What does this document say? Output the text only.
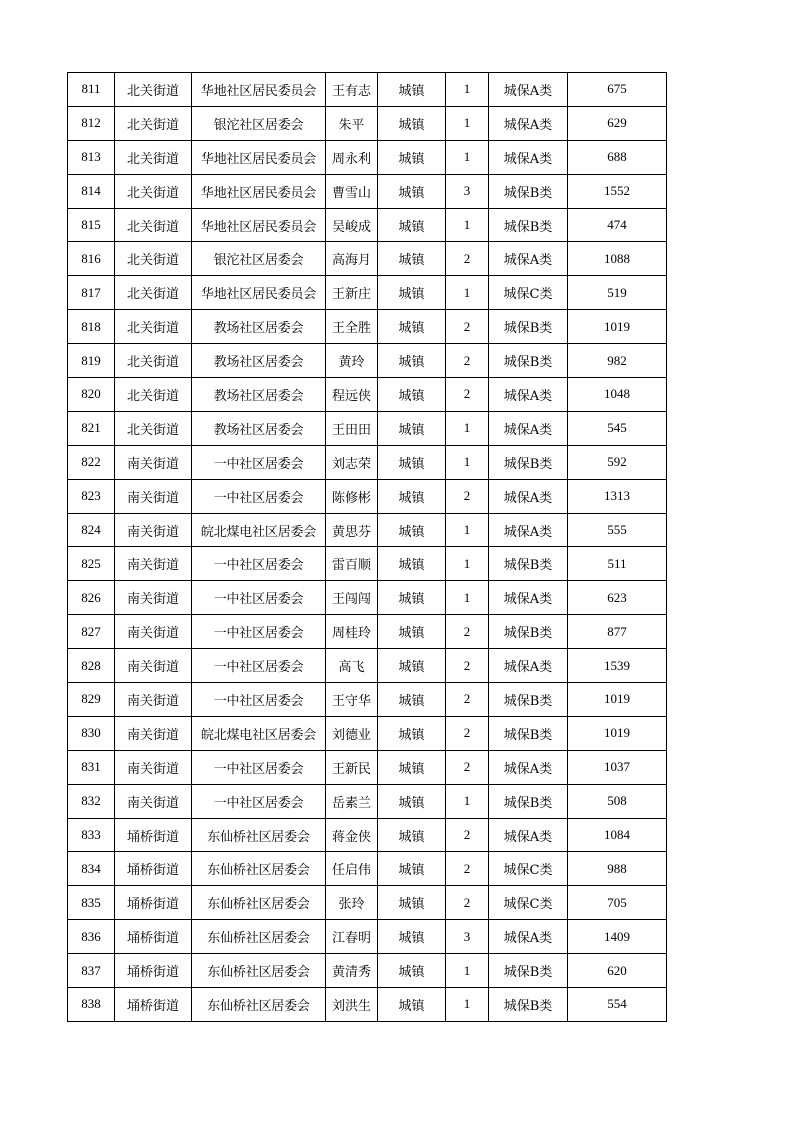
811	北关街道	华地社区居民委员会	王有志	城镇	1	城保A类	675
812	北关街道	银沱社区居委会	朱平	城镇	1	城保A类	629
813	北关街道	华地社区居民委员会	周永利	城镇	1	城保A类	688
814	北关街道	华地社区居民委员会	曹雪山	城镇	3	城保B类	1552
815	北关街道	华地社区居民委员会	吴峻成	城镇	1	城保B类	474
816	北关街道	银沱社区居委会	高海月	城镇	2	城保A类	1088
817	北关街道	华地社区居民委员会	王新庄	城镇	1	城保C类	519
818	北关街道	教场社区居委会	王全胜	城镇	2	城保B类	1019
819	北关街道	教场社区居委会	黄玲	城镇	2	城保B类	982
820	北关街道	教场社区居委会	程远侠	城镇	2	城保A类	1048
821	北关街道	教场社区居委会	王田田	城镇	1	城保A类	545
822	南关街道	一中社区居委会	刘志荣	城镇	1	城保B类	592
823	南关街道	一中社区居委会	陈修彬	城镇	2	城保A类	1313
824	南关街道	皖北煤电社区居委会	黄思芬	城镇	1	城保A类	555
825	南关街道	一中社区居委会	雷百顺	城镇	1	城保B类	511
826	南关街道	一中社区居委会	王闯闯	城镇	1	城保A类	623
827	南关街道	一中社区居委会	周桂玲	城镇	2	城保B类	877
828	南关街道	一中社区居委会	高飞	城镇	2	城保A类	1539
829	南关街道	一中社区居委会	王守华	城镇	2	城保B类	1019
830	南关街道	皖北煤电社区居委会	刘德业	城镇	2	城保B类	1019
831	南关街道	一中社区居委会	王新民	城镇	2	城保A类	1037
832	南关街道	一中社区居委会	岳素兰	城镇	1	城保B类	508
833	埇桥街道	东仙桥社区居委会	蒋金侠	城镇	2	城保A类	1084
834	埇桥街道	东仙桥社区居委会	任启伟	城镇	2	城保C类	988
835	埇桥街道	东仙桥社区居委会	张玲	城镇	2	城保C类	705
836	埇桥街道	东仙桥社区居委会	江春明	城镇	3	城保A类	1409
837	埇桥街道	东仙桥社区居委会	黄清秀	城镇	1	城保B类	620
838	埇桥街道	东仙桥社区居委会	刘洪生	城镇	1	城保B类	554
